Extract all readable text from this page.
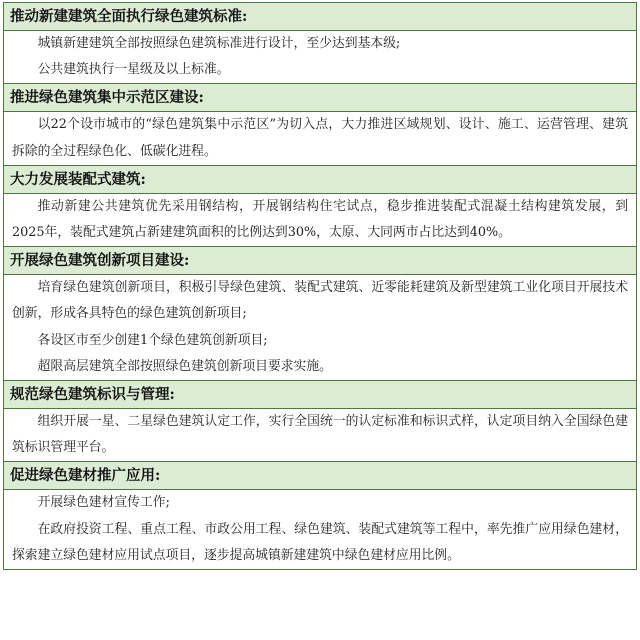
推动新建建筑全面执行绿色建筑标准:

城镇新建建筑全部按照绿色建筑标准进行设计，至少达到基本级;

公共建筑执行一星级及以上标准。

推进绿色建筑集中示范区建设:

以22个设市城市的“绿色建筑集中示范区”为切入点，大力推进区域规划、设计、施工、运营管理、建筑拆除的全过程绿色化、低碳化进程。

大力发展装配式建筑:

推动新建公共建筑优先采用钢结构，开展钢结构住宅试点，稳步推进装配式混凝土结构建筑发展，到2025年，装配式建筑占新建建筑面积的比例达到30%，太原、大同两市占比达到40%。

开展绿色建筑创新项目建设:

培育绿色建筑创新项目，积极引导绿色建筑、装配式建筑、近零能耗建筑及新型建筑工业化项目开展技术创新，形成各具特色的绿色建筑创新项目;

各设区市至少创建1个绿色建筑创新项目;

超限高层建筑全部按照绿色建筑创新项目要求实施。

规范绿色建筑标识与管理:

组织开展一星、二星绿色建筑认定工作，实行全国统一的认定标准和标识式样，认定项目纳入全国绿色建筑标识管理平台。

促进绿色建材推广应用:

开展绿色建材宣传工作;

在政府投资工程、重点工程、市政公用工程、绿色建筑、装配式建筑等工程中，率先推广应用绿色建材，探索建立绿色建材应用试点项目，逐步提高城镇新建建筑中绿色建材应用比例。
